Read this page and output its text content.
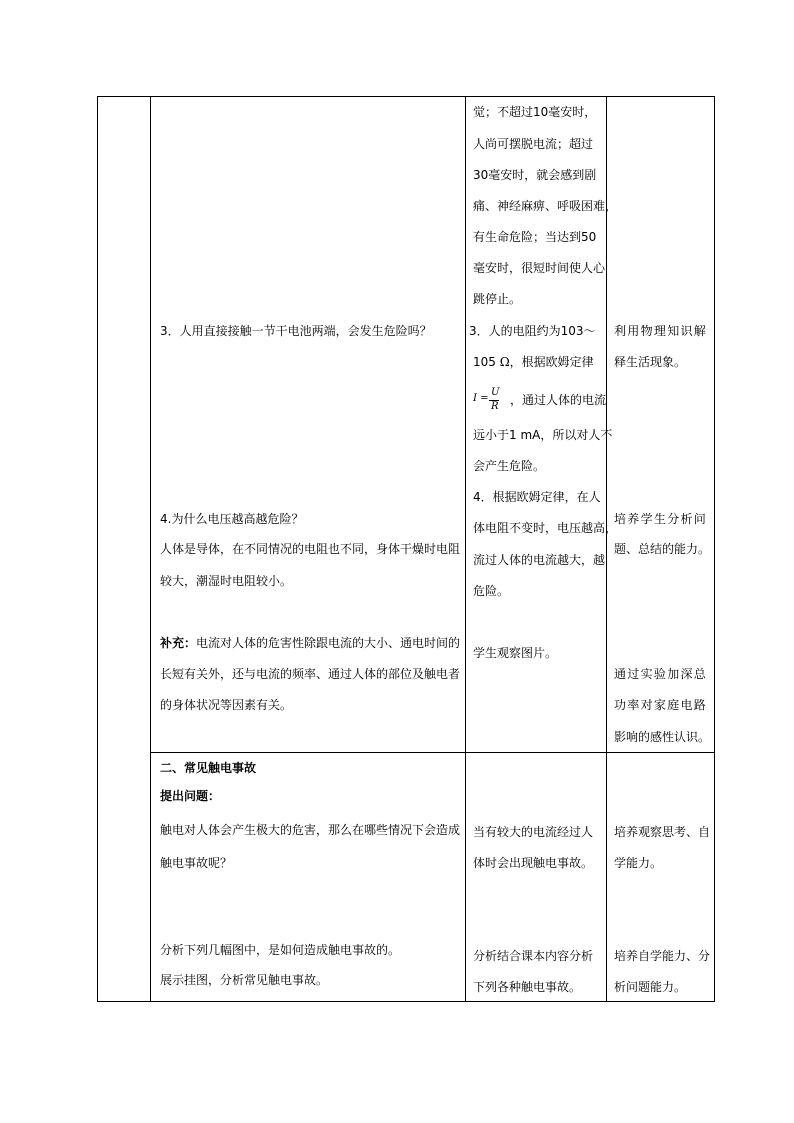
3．人用直接接触一节干电池两端，会发生危险吗？
4.为什么电压越高越危险？
人体是导体，在不同情况的电阻也不同，身体干燥时电阻
较大，潮湿时电阻较小。
补充：电流对人体的危害性除跟电流的大小、通电时间的
长短有关外，还与电流的频率、通过人体的部位及触电者
的身体状况等因素有关。
二、常见触电事故
提出问题：
触电对人体会产生极大的危害，那么在哪些情况下会造成
触电事故呢？
分析下列几幅图中，是如何造成触电事故的。
展示挂图，分析常见触电事故。
觉；不超过10毫安时，
人尚可摆脱电流；超过
30毫安时，就会感到剧
痛、神经麻痹、呼吸困难，
有生命危险；当达到50
毫安时，很短时间使人心
跳停止。
3．人的电阻约为103～
105 Ω，根据欧姆定律
I =
U
R ，通过人体的电流
远小于1 mA，所以对人不
会产生危险。
4．根据欧姆定律，在人
体电阻不变时，电压越高，
流过人体的电流越大，越
危险。
学生观察图片。
当有较大的电流经过人
体时会出现触电事故。
分析结合课本内容分析
下列各种触电事故。
利用物理知识解
释生活现象。
培养学生分析问
题、总结的能力。
通过实验加深总
功率对家庭电路
影响的感性认识。
培养观察思考、自
学能力。
培养自学能力、分
析问题能力。
